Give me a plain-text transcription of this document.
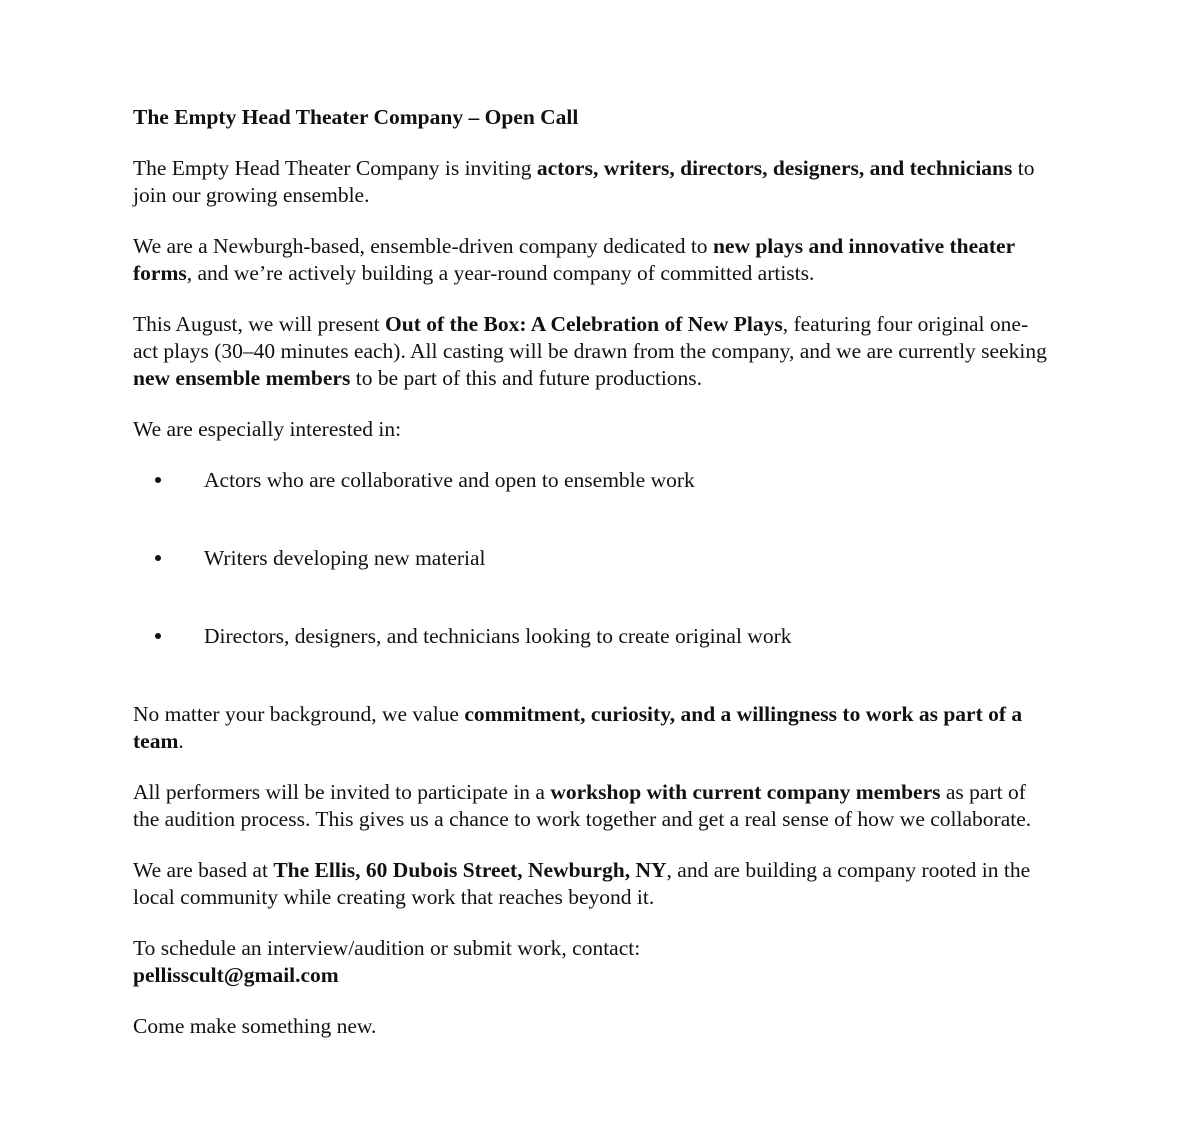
The Empty Head Theater Company – Open Call

The Empty Head Theater Company is inviting actors, writers, directors, designers, and technicians to join our growing ensemble.

We are a Newburgh-based, ensemble-driven company dedicated to new plays and innovative theater forms, and we’re actively building a year-round company of committed artists.

This August, we will present Out of the Box: A Celebration of New Plays, featuring four original one-act plays (30–40 minutes each). All casting will be drawn from the company, and we are currently seeking new ensemble members to be part of this and future productions.

We are especially interested in:

Actors who are collaborative and open to ensemble work
Writers developing new material
Directors, designers, and technicians looking to create original work

No matter your background, we value commitment, curiosity, and a willingness to work as part of a team.

All performers will be invited to participate in a workshop with current company members as part of the audition process. This gives us a chance to work together and get a real sense of how we collaborate.

We are based at The Ellis, 60 Dubois Street, Newburgh, NY, and are building a company rooted in the local community while creating work that reaches beyond it.

To schedule an interview/audition or submit work, contact:
pellisscult@gmail.com

Come make something new.
